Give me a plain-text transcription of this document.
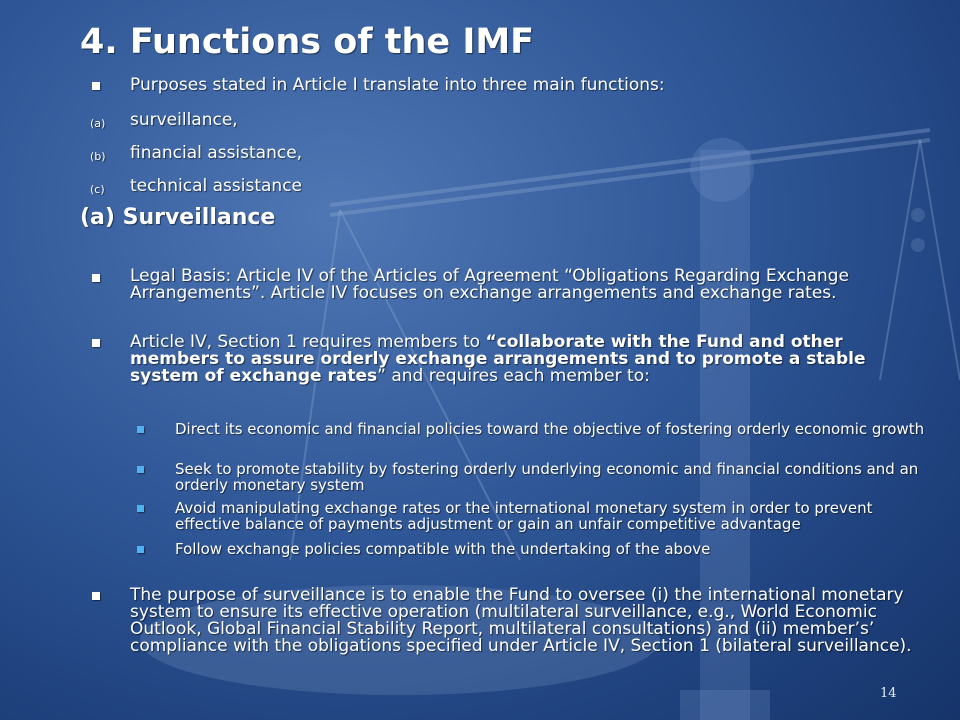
4. Functions of the IMF
Purposes stated in Article I translate into three main functions:
(a) surveillance,
(b) financial assistance,
(c) technical assistance
(a) Surveillance
Legal Basis: Article IV of the Articles of Agreement “Obligations Regarding Exchange Arrangements”. Article IV focuses on exchange arrangements and exchange rates.
Article IV, Section 1 requires members to “collaborate with the Fund and other members to assure orderly exchange arrangements and to promote a stable system of exchange rates” and requires each member to:
Direct its economic and financial policies toward the objective of fostering orderly economic growth
Seek to promote stability by fostering orderly underlying economic and financial conditions and an orderly monetary system
Avoid manipulating exchange rates or the international monetary system in order to prevent effective balance of payments adjustment or gain an unfair competitive advantage
Follow exchange policies compatible with the undertaking of the above
The purpose of surveillance is to enable the Fund to oversee (i) the international monetary system to ensure its effective operation (multilateral surveillance, e.g., World Economic Outlook, Global Financial Stability Report, multilateral consultations) and (ii) member’s’ compliance with the obligations specified under Article IV, Section 1 (bilateral surveillance).
14
